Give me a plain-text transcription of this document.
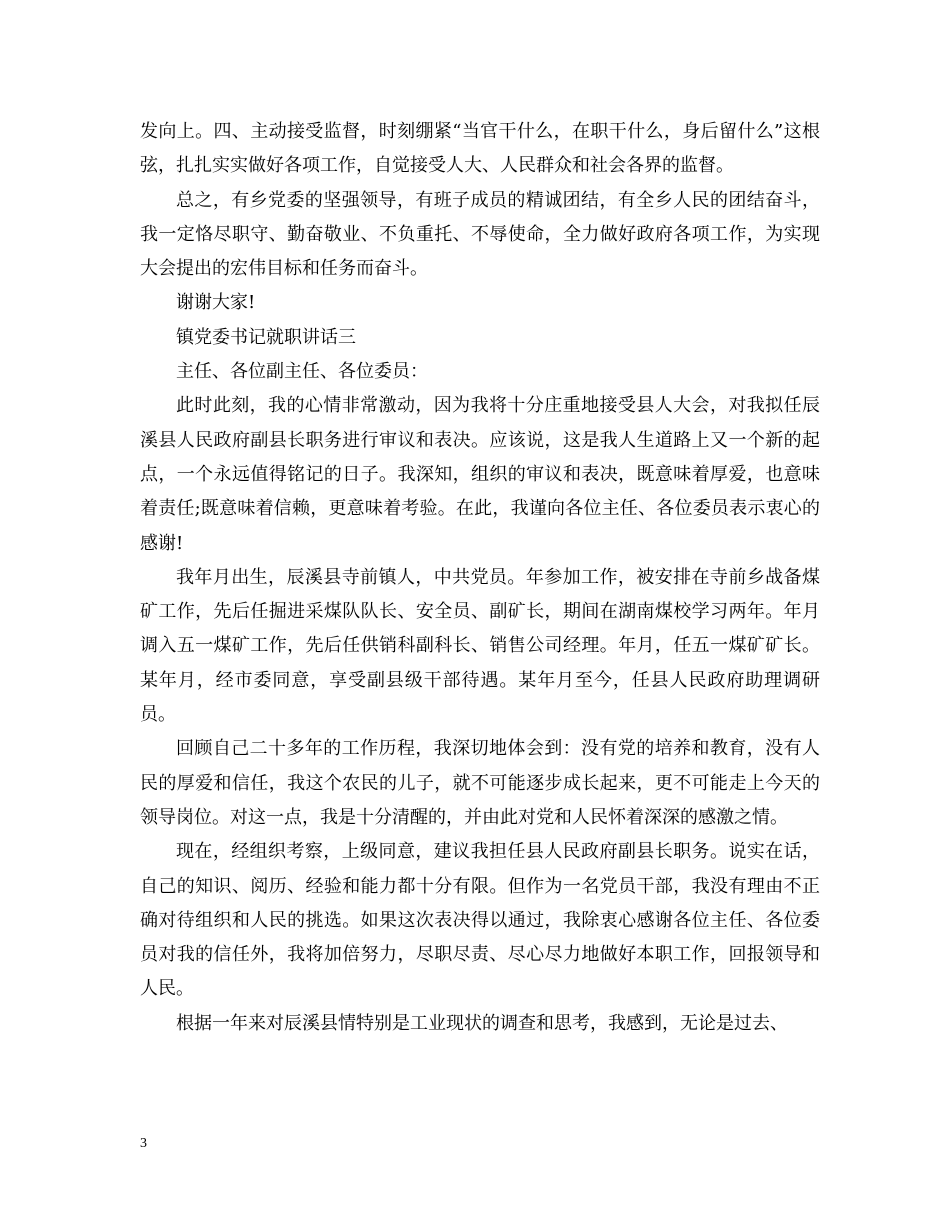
发向上。四、主动接受监督，时刻绷紧“当官干什么，在职干什么，身后留什么”这根弦，扎扎实实做好各项工作，自觉接受人大、人民群众和社会各界的监督。

总之，有乡党委的坚强领导，有班子成员的精诚团结，有全乡人民的团结奋斗，我一定恪尽职守、勤奋敬业、不负重托、不辱使命，全力做好政府各项工作，为实现大会提出的宏伟目标和任务而奋斗。

谢谢大家!

镇党委书记就职讲话三

主任、各位副主任、各位委员：

此时此刻，我的心情非常激动，因为我将十分庄重地接受县人大会，对我拟任辰溪县人民政府副县长职务进行审议和表决。应该说，这是我人生道路上又一个新的起点，一个永远值得铭记的日子。我深知，组织的审议和表决，既意味着厚爱，也意味着责任;既意味着信赖，更意味着考验。在此，我谨向各位主任、各位委员表示衷心的感谢!

我年月出生，辰溪县寺前镇人，中共党员。年参加工作，被安排在寺前乡战备煤矿工作，先后任掘进采煤队队长、安全员、副矿长，期间在湖南煤校学习两年。年月调入五一煤矿工作，先后任供销科副科长、销售公司经理。年月，任五一煤矿矿长。某年月，经市委同意，享受副县级干部待遇。某年月至今，任县人民政府助理调研员。

回顾自己二十多年的工作历程，我深切地体会到：没有党的培养和教育，没有人民的厚爱和信任，我这个农民的儿子，就不可能逐步成长起来，更不可能走上今天的领导岗位。对这一点，我是十分清醒的，并由此对党和人民怀着深深的感激之情。

现在，经组织考察，上级同意，建议我担任县人民政府副县长职务。说实在话，自己的知识、阅历、经验和能力都十分有限。但作为一名党员干部，我没有理由不正确对待组织和人民的挑选。如果这次表决得以通过，我除衷心感谢各位主任、各位委员对我的信任外，我将加倍努力，尽职尽责、尽心尽力地做好本职工作，回报领导和人民。

根据一年来对辰溪县情特别是工业现状的调查和思考，我感到，无论是过去、

3
